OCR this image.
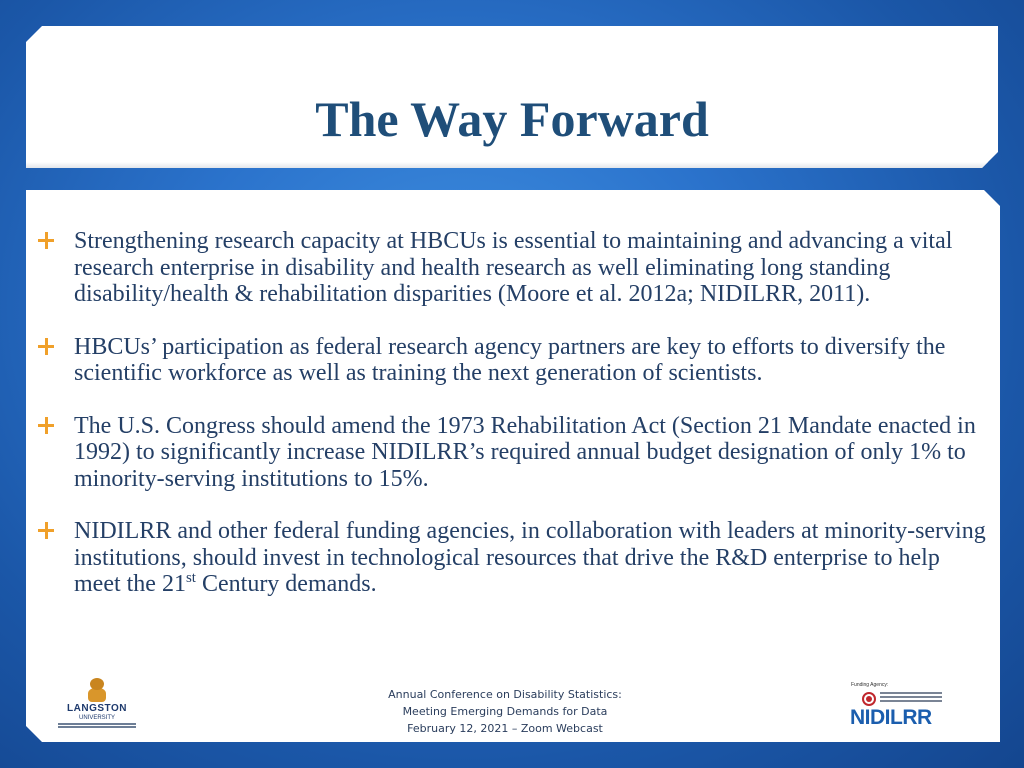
The Way Forward
Strengthening research capacity at HBCUs is essential to maintaining and advancing a vital research enterprise in disability and health research as well eliminating long standing disability/health & rehabilitation disparities (Moore et al. 2012a; NIDILRR, 2011).
HBCUs’ participation as federal research agency partners are key to efforts to diversify the scientific workforce as well as training the next generation of scientists.
The U.S. Congress should amend the 1973 Rehabilitation Act (Section 21 Mandate enacted in 1992) to significantly increase NIDILRR’s required annual budget designation of only 1% to minority-serving institutions to 15%.
NIDILRR and other federal funding agencies, in collaboration with leaders at minority-serving institutions, should invest in technological resources that drive the R&D enterprise to help meet the 21st Century demands.
LANGSTON
UNIVERSITY
Annual Conference on Disability Statistics:
Meeting Emerging Demands for Data
February 12, 2021 – Zoom Webcast
Funding Agency:
NIDILRR
